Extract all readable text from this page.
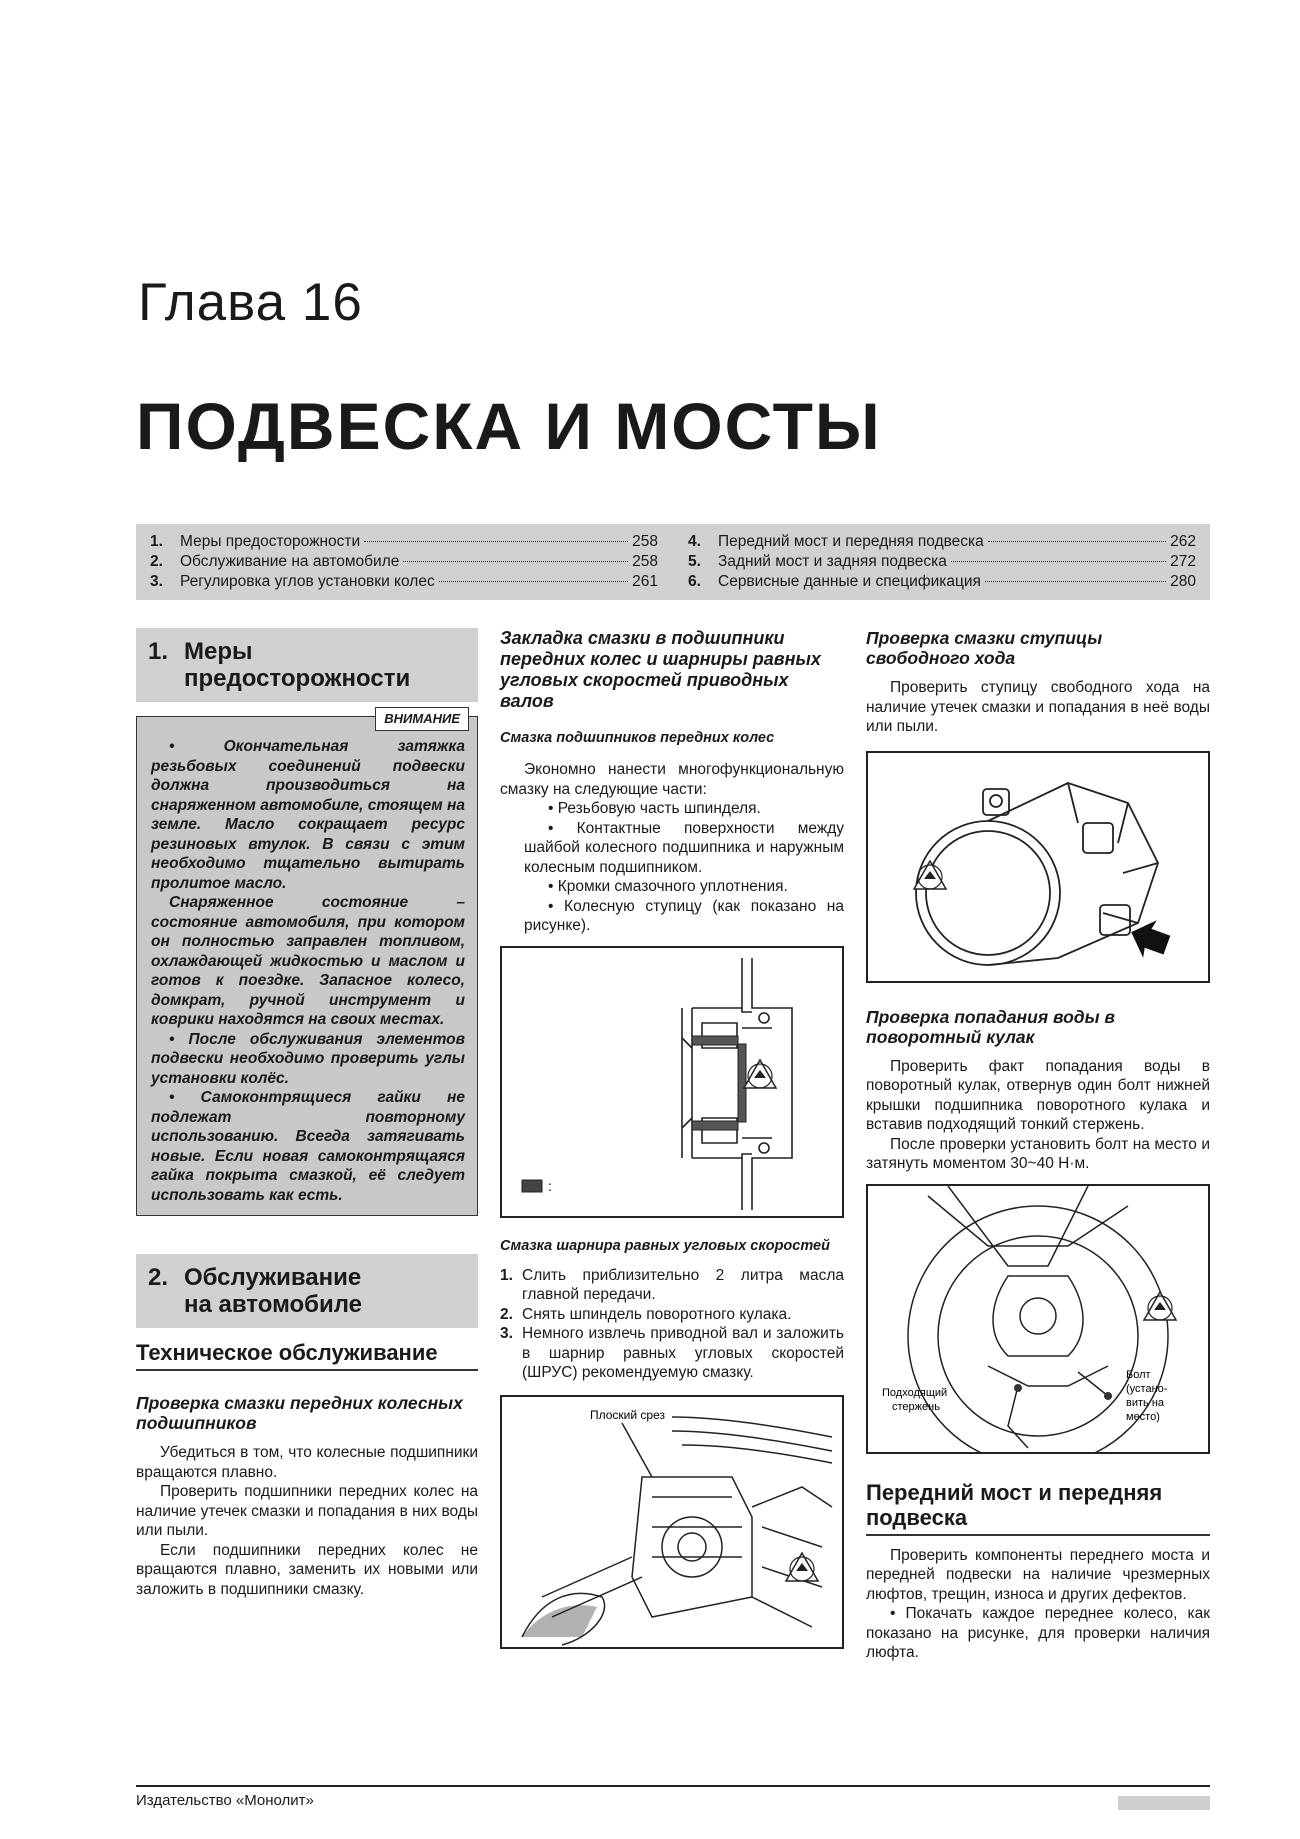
Глава 16
ПОДВЕСКА И МОСТЫ
1.	Меры предосторожности	258
2.	Обслуживание на автомобиле	258
3.	Регулировка углов установки колес	261
4.	Передний мост и передняя подвеска	262
5.	Задний мост и задняя подвеска	272
6.	Сервисные данные и спецификация	280
1. Меры
предосторожности
ВНИМАНИЕ

• Окончательная затяжка резьбовых соединений подвески должна производиться на снаряженном автомобиле, стоящем на земле. Масло сокращает ресурс резиновых втулок. В связи с этим необходимо тщательно вытирать пролитое масло.

Снаряженное состояние – состояние автомобиля, при котором он полностью заправлен топливом, охлаждающей жидкостью и маслом и готов к поездке. Запасное колесо, домкрат, ручной инструмент и коврики находятся на своих местах.

• После обслуживания элементов подвески необходимо проверить углы установки колёс.

• Самоконтрящиеся гайки не подлежат повторному использованию. Всегда затягивать новые. Если новая самоконтрящаяся гайка покрыта смазкой, её следует использовать как есть.

2. Обслуживание
на автомобиле
Техническое обслуживание
Проверка смазки передних колесных подшипников

Убедиться в том, что колесные подшипники вращаются плавно.

Проверить подшипники передних колес на наличие утечек смазки и попадания в них воды или пыли.

Если подшипники передних колес не вращаются плавно, заменить их новыми или заложить в подшипники смазку.

Закладка смазки в подшипники передних колес и шарниры равных угловых скоростей приводных валов
Смазка подшипников передних колес

Экономно нанести многофункциональную смазку на следующие части:

• Резьбовую часть шпинделя.

• Контактные поверхности между шайбой колесного подшипника и наружным колесным подшипником.

• Кромки смазочного уплотнения.

• Колесную ступицу (как показано на рисунке).

:
Смазка шарнира равных угловых скоростей
1. Слить приблизительно 2 литра масла главной передачи.
2. Снять шпиндель поворотного кулака.
3. Немного извлечь приводной вал и заложить в шарнир равных угловых скоростей (ШРУС) рекомендуемую смазку.
Плоский срез
Проверка смазки ступицы свободного хода

Проверить ступицу свободного хода на наличие утечек смазки и попадания в неё воды или пыли.

Проверка попадания воды в поворотный кулак

Проверить факт попадания воды в поворотный кулак, отвернув один болт нижней крышки подшипника поворотного кулака и вставив подходящий тонкий стержень.

После проверки установить болт на место и затянуть моментом 30~40 Н·м.

Подходящий
стержень
Болт
(устано-
вить на
место)
Передний мост и передняя подвеска

Проверить компоненты переднего моста и передней подвески на наличие чрезмерных люфтов, трещин, износа и других дефектов.

• Покачать каждое переднее колесо, как показано на рисунке, для проверки наличия люфта.

Издательство «Монолит»
